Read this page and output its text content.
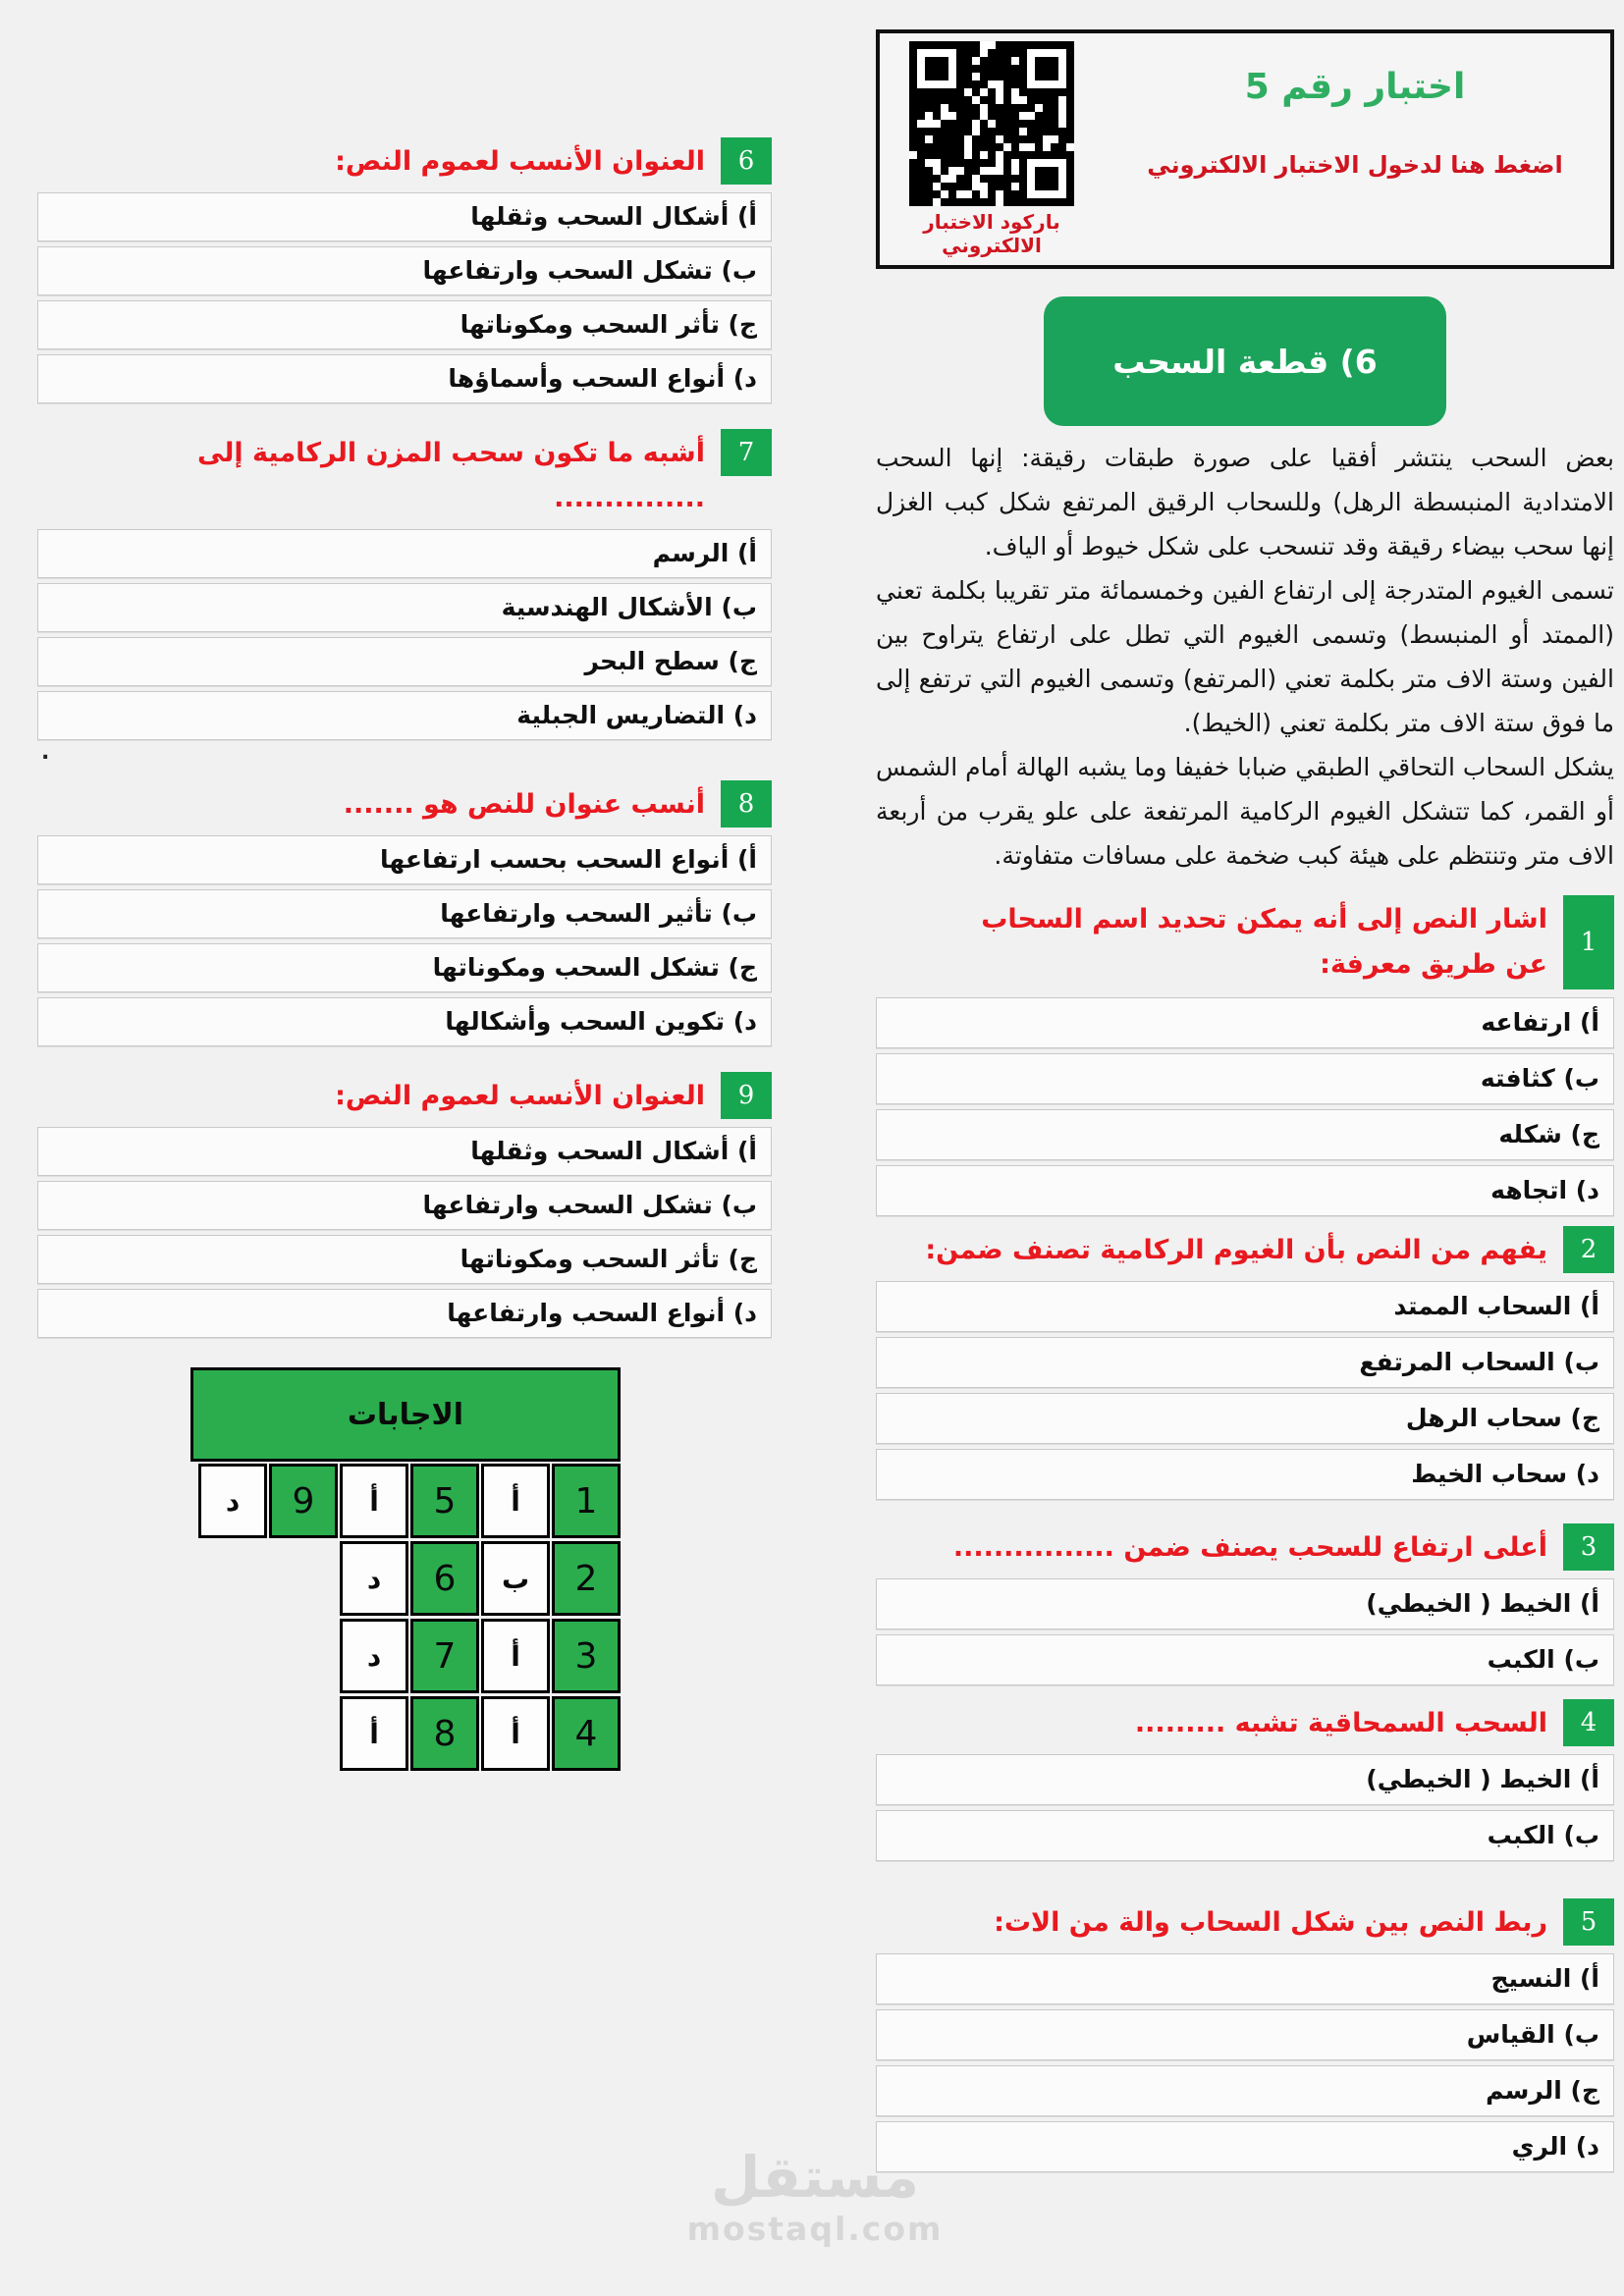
باركود الاختبار الالكتروني
اختبار رقم 5
اضغط هنا لدخول الاختبار الالكتروني
6) قطعة السحب

بعض السحب ينتشر أفقيا على صورة طبقات رقيقة: إنها السحب الامتدادية المنبسطة الرهل) وللسحاب الرقيق المرتفع شكل كبب الغزل إنها سحب بيضاء رقيقة وقد تنسحب على شكل خيوط أو الياف.

تسمى الغيوم المتدرجة إلى ارتفاع الفين وخمسمائة متر تقريبا بكلمة تعني (الممتد أو المنبسط) وتسمى الغيوم التي تطل على ارتفاع يتراوح بين الفين وستة الاف متر بكلمة تعني (المرتفع) وتسمى الغيوم التي ترتفع إلى ما فوق ستة الاف متر بكلمة تعني (الخيط).

يشكل السحاب التحاقي الطبقي ضبابا خفيفا وما يشبه الهالة أمام الشمس أو القمر، كما تتشكل الغيوم الركامية المرتفعة على علو يقرب من أربعة الاف متر وتنتظم على هيئة كبب ضخمة على مسافات متفاوتة.

1
اشار النص إلى أنه يمكن تحديد اسم السحاب عن طريق معرفة:
أ) ارتفاعه
ب) كثافته
ج) شكله
د) اتجاهه
2
يفهم من النص بأن الغيوم الركامية تصنف ضمن:
أ) السحاب الممتد
ب) السحاب المرتفع
ج) سحاب الرهل
د) سحاب الخيط
3
أعلى ارتفاع للسحب يصنف ضمن ................
أ) الخيط ( الخيطي)
ب) الكبب
4
السحب السمحاقية تشبه .........
أ) الخيط ( الخيطي)
ب) الكبب
5
ربط النص بين شكل السحاب والة من الات:
أ) النسيج
ب) القياس
ج) الرسم
د) الري
6
العنوان الأنسب لعموم النص:
أ) أشكال السحب وثقلها
ب) تشكل السحب وارتفاعها
ج) تأثر السحب ومكوناتها
د) أنواع السحب وأسماؤها
7
أشبه ما تكون سحب المزن الركامية إلى ...............
أ) الرسم
ب) الأشكال الهندسية
ج) سطح البحر
د) التضاريس الجبلية
.
8
أنسب عنوان للنص هو .......
أ) أنواع السحب بحسب ارتفاعها
ب) تأثير السحب وارتفاعها
ج) تشكل السحب ومكوناتها
د) تكوين السحب وأشكالها
9
العنوان الأنسب لعموم النص:
أ) أشكال السحب وثقلها
ب) تشكل السحب وارتفاعها
ج) تأثر السحب ومكوناتها
د) أنواع السحب وارتفاعها
الاجابات
1
أ
5
أ
9
د
2
ب
6
د
3
أ
7
د
4
أ
8
أ
مستقل
mostaql.com
